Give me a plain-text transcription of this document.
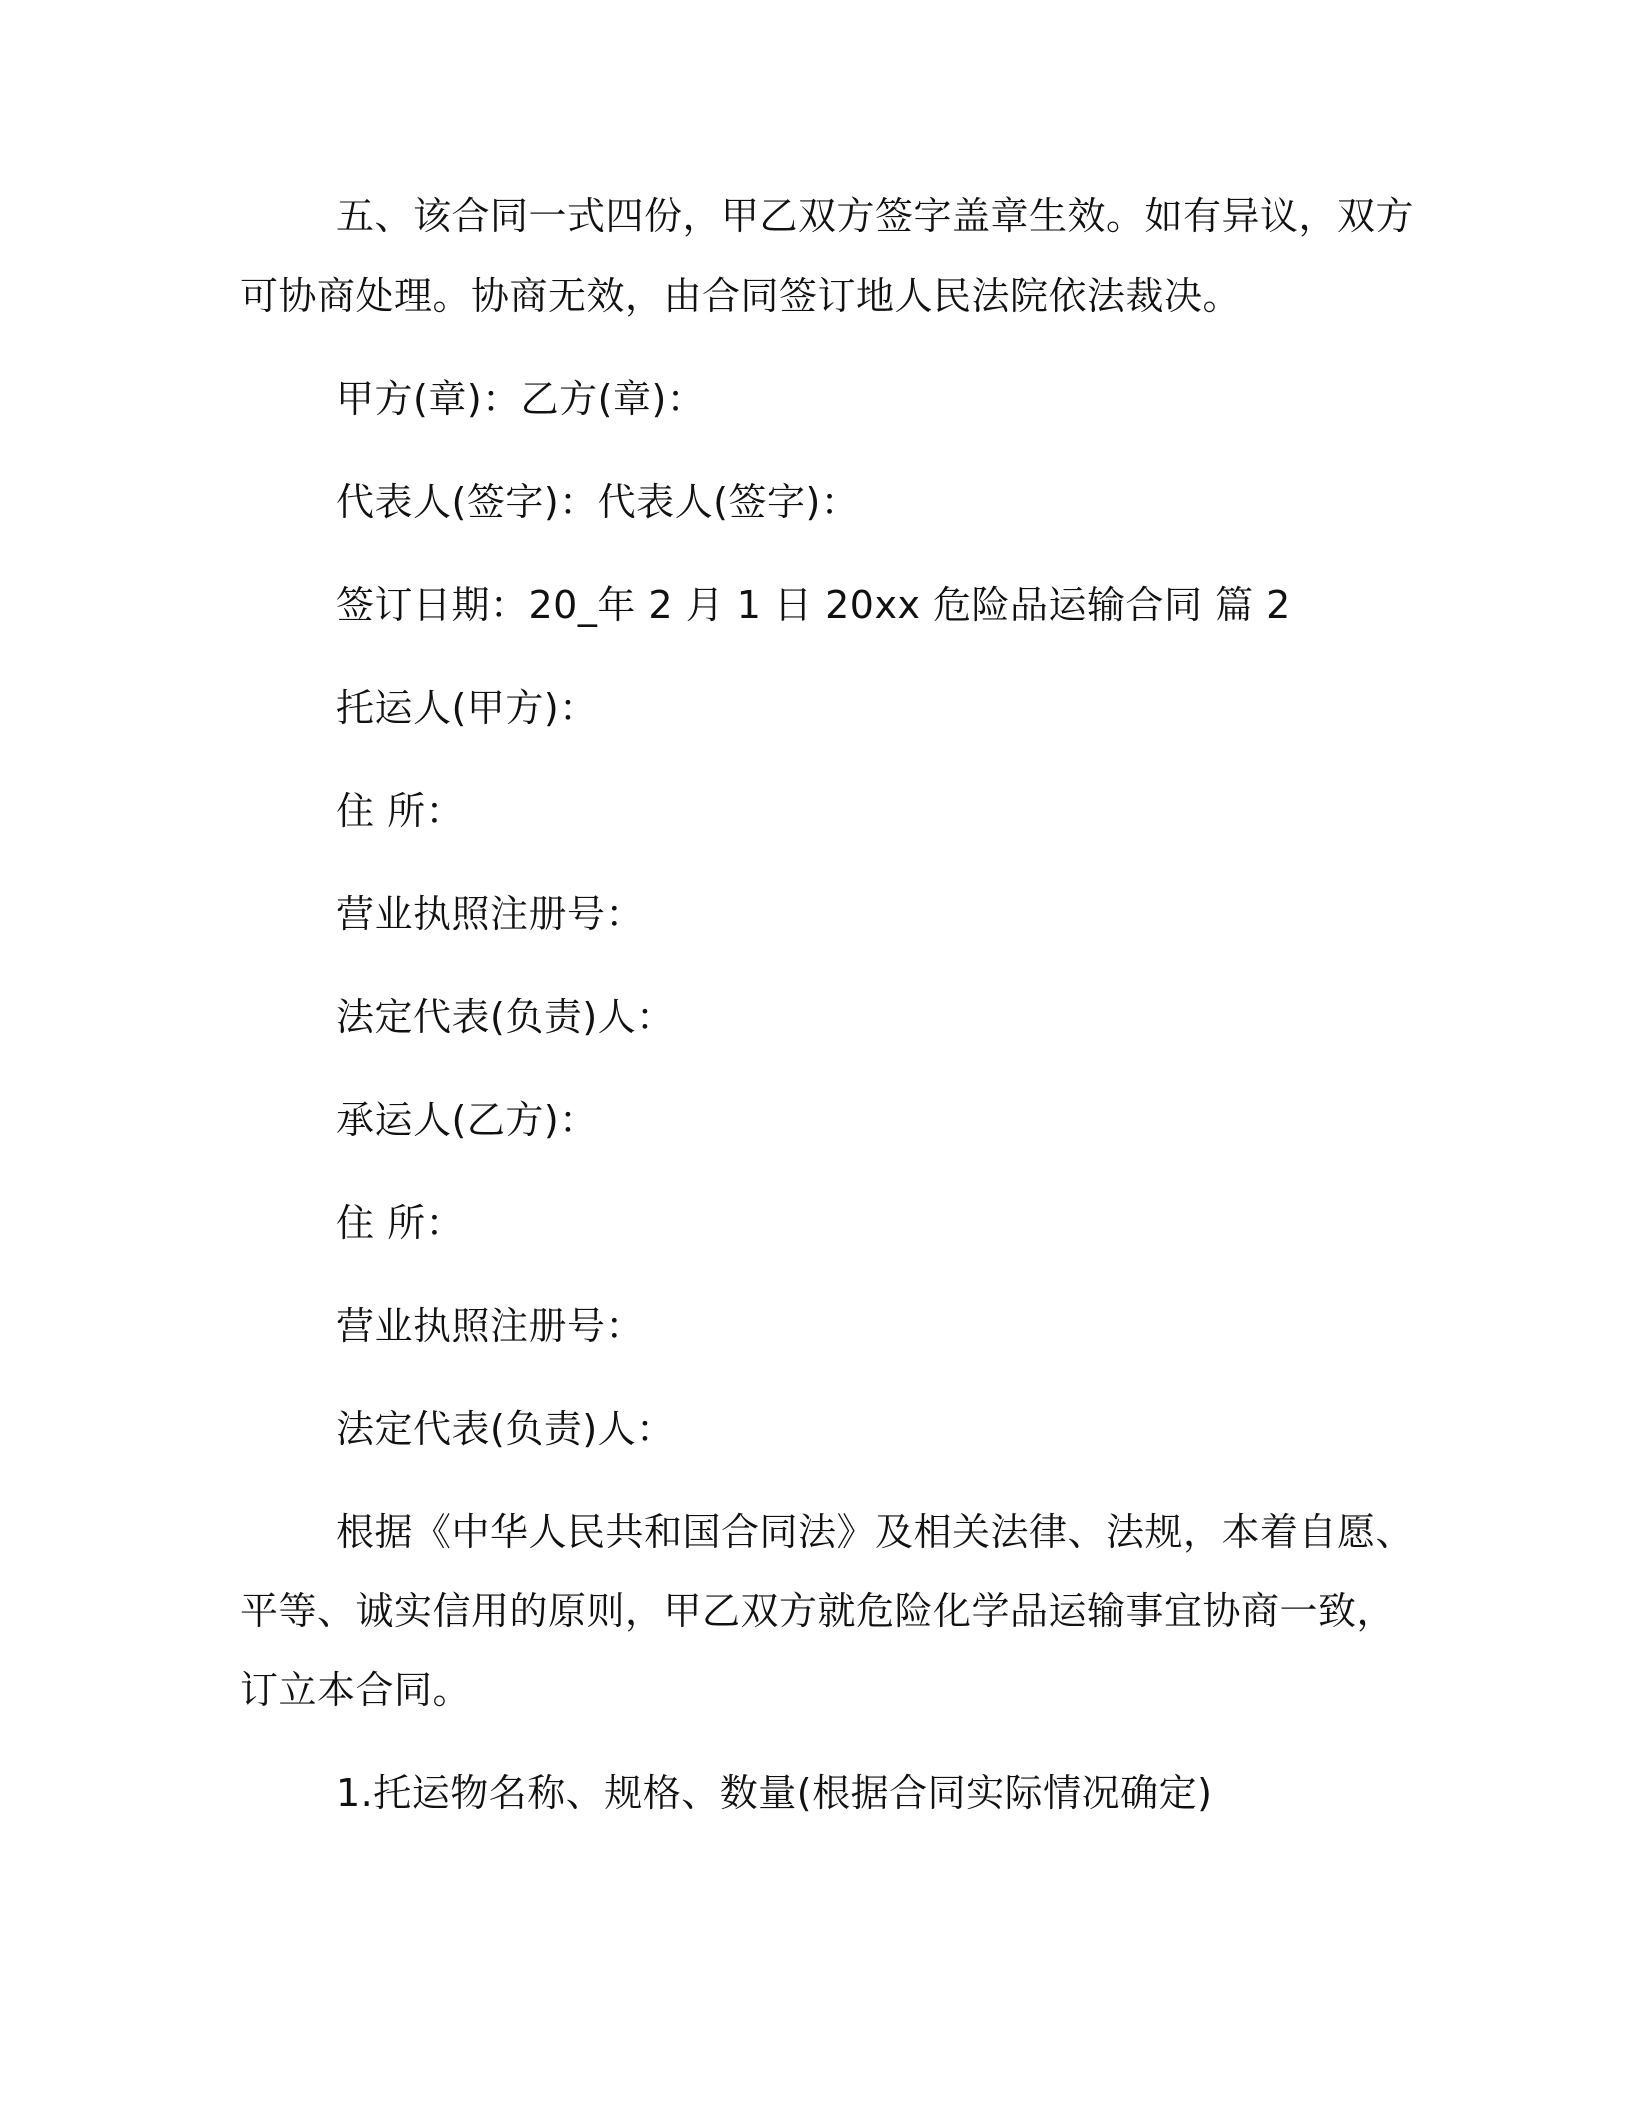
五、该合同一式四份，甲乙双方签字盖章生效。如有异议，双方
可协商处理。协商无效，由合同签订地人民法院依法裁决。
甲方(章)：乙方(章)：
代表人(签字)：代表人(签字)：
签订日期：20_年 2 月 1 日 20xx 危险品运输合同 篇 2
托运人(甲方)：
住 所：
营业执照注册号：
法定代表(负责)人：
承运人(乙方)：
住 所：
营业执照注册号：
法定代表(负责)人：
根据《中华人民共和国合同法》及相关法律、法规，本着自愿、
平等、诚实信用的原则，甲乙双方就危险化学品运输事宜协商一致，
订立本合同。
1.托运物名称、规格、数量(根据合同实际情况确定)
